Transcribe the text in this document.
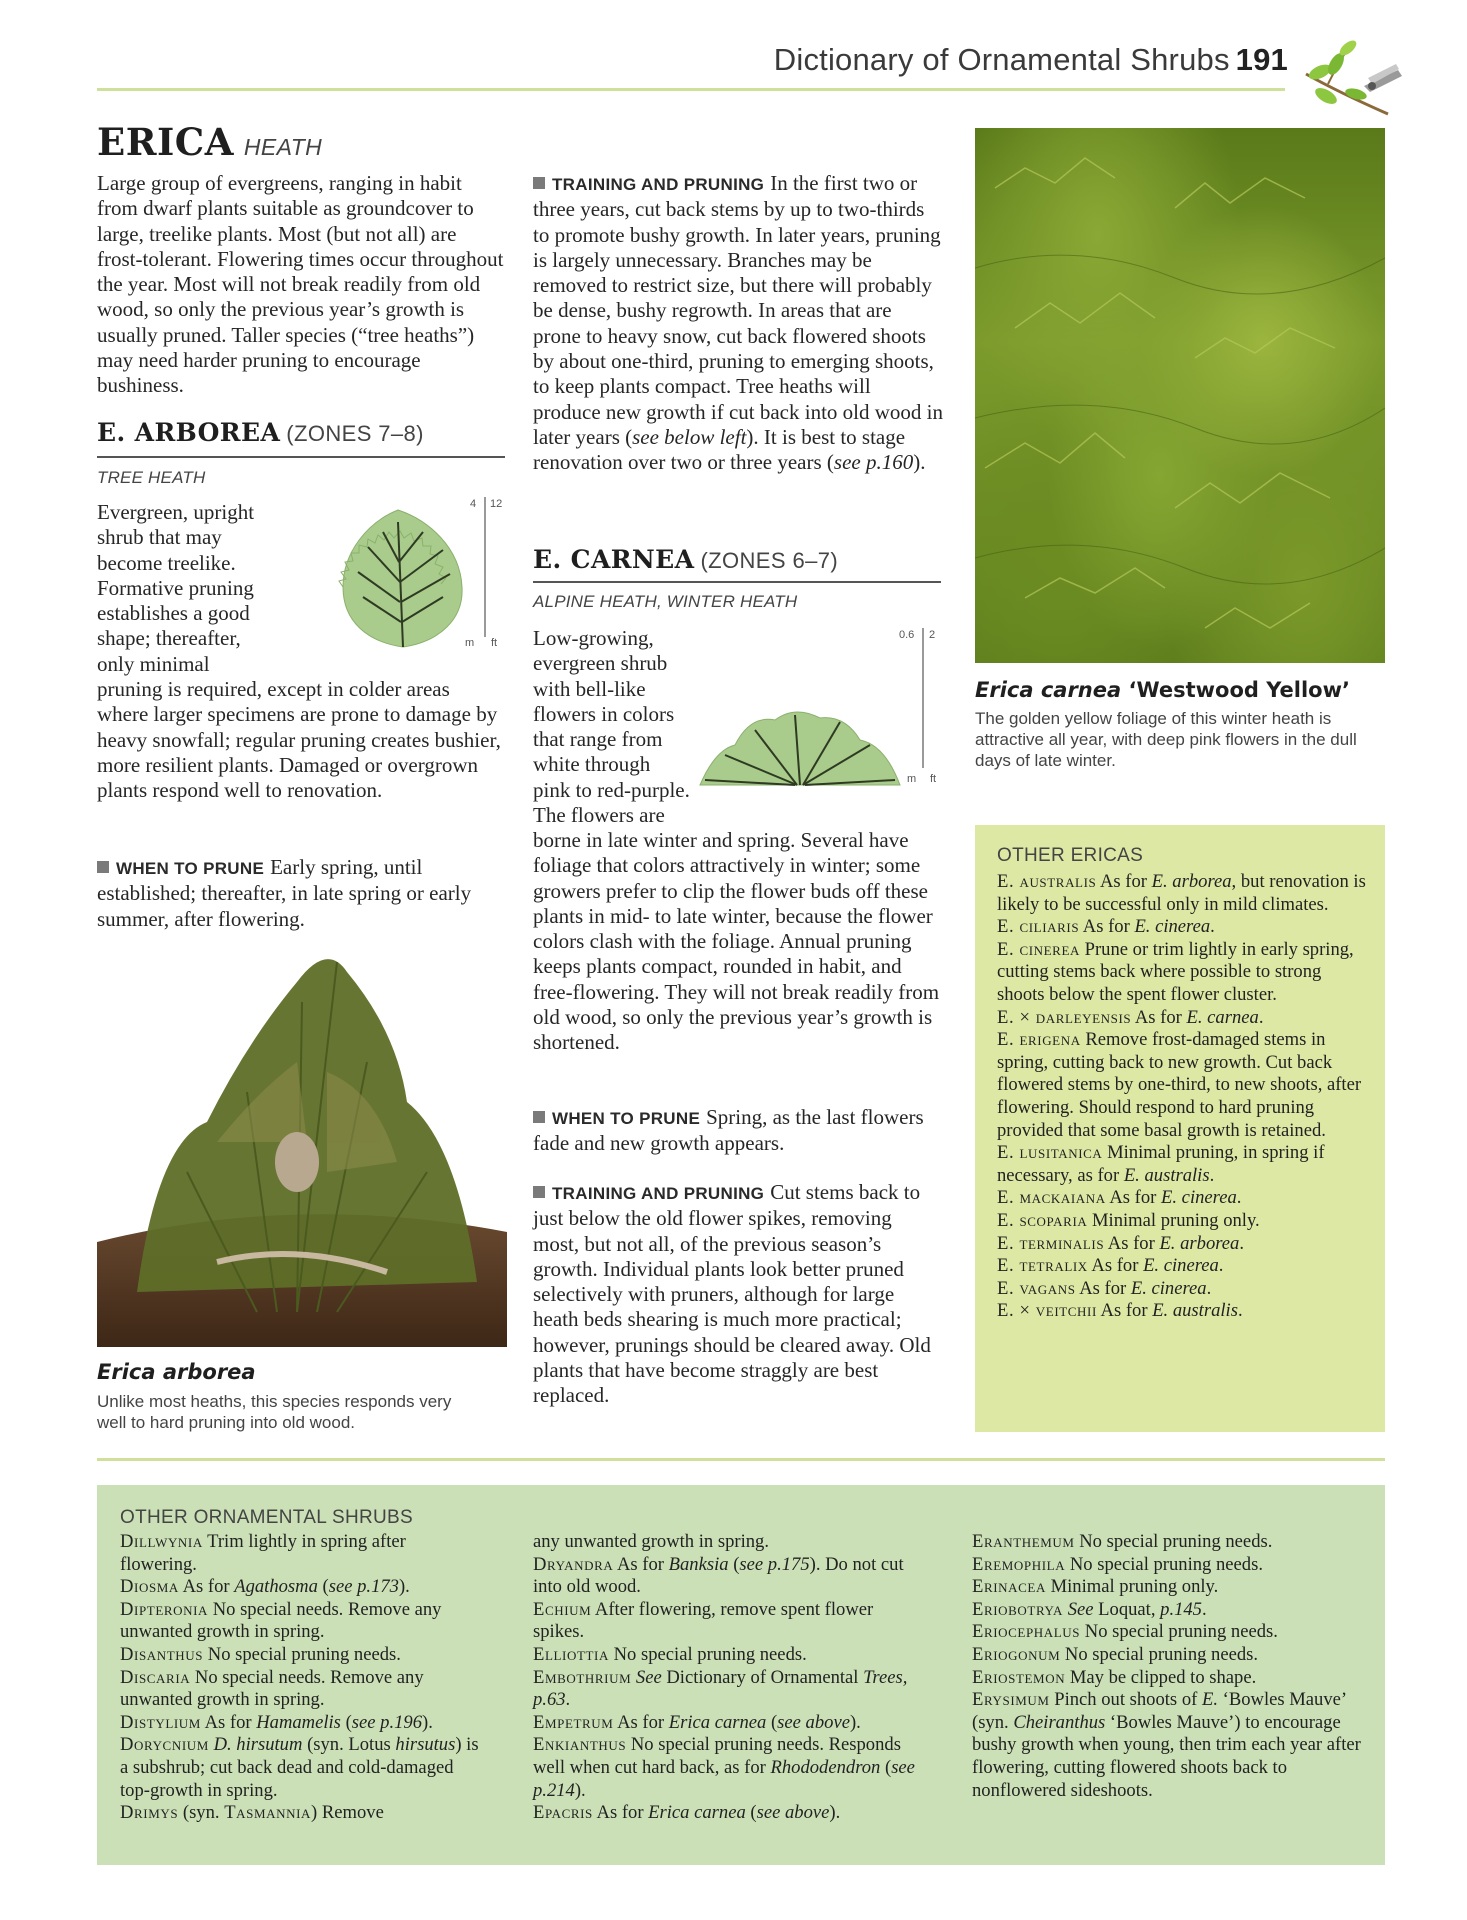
Dictionary of Ornamental Shrubs 191
ERICA HEATH

Large group of evergreens, ranging in habit from dwarf plants suitable as groundcover to large, treelike plants. Most (but not all) are frost-tolerant. Flowering times occur throughout the year. Most will not break readily from old wood, so only the previous year’s growth is usually pruned. Taller species (“tree heaths”) may need harder pruning to encourage bushiness.

E. ARBOREA (ZONES 7–8)
TREE HEATH
Evergreen, upright
shrub that may
become treelike.
Formative pruning
establishes a good
shape; thereafter,
only minimal
4 12
m ft

pruning is required, except in colder areas where larger specimens are prone to damage by heavy snowfall; regular pruning creates bushier, more resilient plants. Damaged or overgrown plants respond well to renovation.

WHEN TO PRUNE Early spring, until established; thereafter, in late spring or early summer, after flowering.

Erica arborea

Unlike most heaths, this species responds very well to hard pruning into old wood.

TRAINING AND PRUNING In the first two or three years, cut back stems by up to two-thirds to promote bushy growth. In later years, pruning is largely unnecessary. Branches may be removed to restrict size, but there will probably be dense, bushy regrowth. In areas that are prone to heavy snow, cut back flowered shoots by about one-third, pruning to emerging shoots, to keep plants compact. Tree heaths will produce new growth if cut back into old wood in later years (see below left). It is best to stage renovation over two or three years (see p.160).

E. CARNEA (ZONES 6–7)
ALPINE HEATH, WINTER HEATH
Low-growing,
evergreen shrub
with bell-like
flowers in colors
that range from
white through
pink to red-purple.
The flowers are
0.6 2
m ft

borne in late winter and spring. Several have foliage that colors attractively in winter; some growers prefer to clip the flower buds off these plants in mid- to late winter, because the flower colors clash with the foliage. Annual pruning keeps plants compact, rounded in habit, and free-flowering. They will not break readily from old wood, so only the previous year’s growth is shortened.

WHEN TO PRUNE Spring, as the last flowers fade and new growth appears.

TRAINING AND PRUNING Cut stems back to just below the old flower spikes, removing most, but not all, of the previous season’s growth. Individual plants look better pruned selectively with pruners, although for large heath beds shearing is much more practical; however, prunings should be cleared away. Old plants that have become straggly are best replaced.

Erica carnea ‘Westwood Yellow’

The golden yellow foliage of this winter heath is attractive all year, with deep pink flowers in the dull days of late winter.

OTHER ERICAS
E. australis As for E. arborea, but renovation is likely to be successful only in mild climates.
E. ciliaris As for E. cinerea.
E. cinerea Prune or trim lightly in early spring, cutting stems back where possible to strong shoots below the spent flower cluster.
E. × darleyensis As for E. carnea.
E. erigena Remove frost-damaged stems in spring, cutting back to new growth. Cut back flowered stems by one-third, to new shoots, after flowering. Should respond to hard pruning provided that some basal growth is retained.
E. lusitanica Minimal pruning, in spring if necessary, as for E. australis.
E. mackaiana As for E. cinerea.
E. scoparia Minimal pruning only.
E. terminalis As for E. arborea.
E. tetralix As for E. cinerea.
E. vagans As for E. cinerea.
E. × veitchii As for E. australis.
OTHER ORNAMENTAL SHRUBS
Dillwynia Trim lightly in spring after flowering.
Diosma As for Agathosma (see p.173).
Dipteronia No special needs. Remove any unwanted growth in spring.
Disanthus No special pruning needs.
Discaria No special needs. Remove any unwanted growth in spring.
Distylium As for Hamamelis (see p.196).
Dorycnium D. hirsutum (syn. Lotus hirsutus) is a subshrub; cut back dead and cold-damaged top-growth in spring.
Drimys (syn. Tasmannia) Remove
any unwanted growth in spring.
Dryandra As for Banksia (see p.175). Do not cut into old wood.
Echium After flowering, remove spent flower spikes.
Elliottia No special pruning needs.
Embothrium See Dictionary of Ornamental Trees, p.63.
Empetrum As for Erica carnea (see above).
Enkianthus No special pruning needs. Responds well when cut hard back, as for Rhododendron (see p.214).
Epacris As for Erica carnea (see above).
Eranthemum No special pruning needs.
Eremophila No special pruning needs.
Erinacea Minimal pruning only.
Eriobotrya See Loquat, p.145.
Eriocephalus No special pruning needs.
Eriogonum No special pruning needs.
Eriostemon May be clipped to shape.
Erysimum Pinch out shoots of E. ‘Bowles Mauve’ (syn. Cheiranthus ‘Bowles Mauve’) to encourage bushy growth when young, then trim each year after flowering, cutting flowered shoots back to nonflowered sideshoots.
